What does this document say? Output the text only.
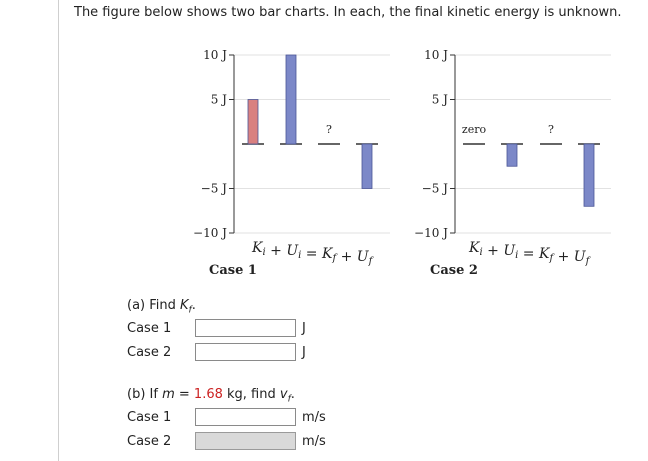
The figure below shows two bar charts. In each, the final kinetic energy is unknown.
10 J
5 J
−5 J
−10 J
?
$K_i + U_i = K_f + U_f$
Case 1
10 J
5 J
−5 J
−10 J
zero	?
$K_i + U_i = K_f + U_f$
Case 2
(a) Find $K_f$.
Case 1	J
Case 2	J
(b) If m = 1.68 kg, find $v_f$.
Case 1	m/s
Case 2	m/s
